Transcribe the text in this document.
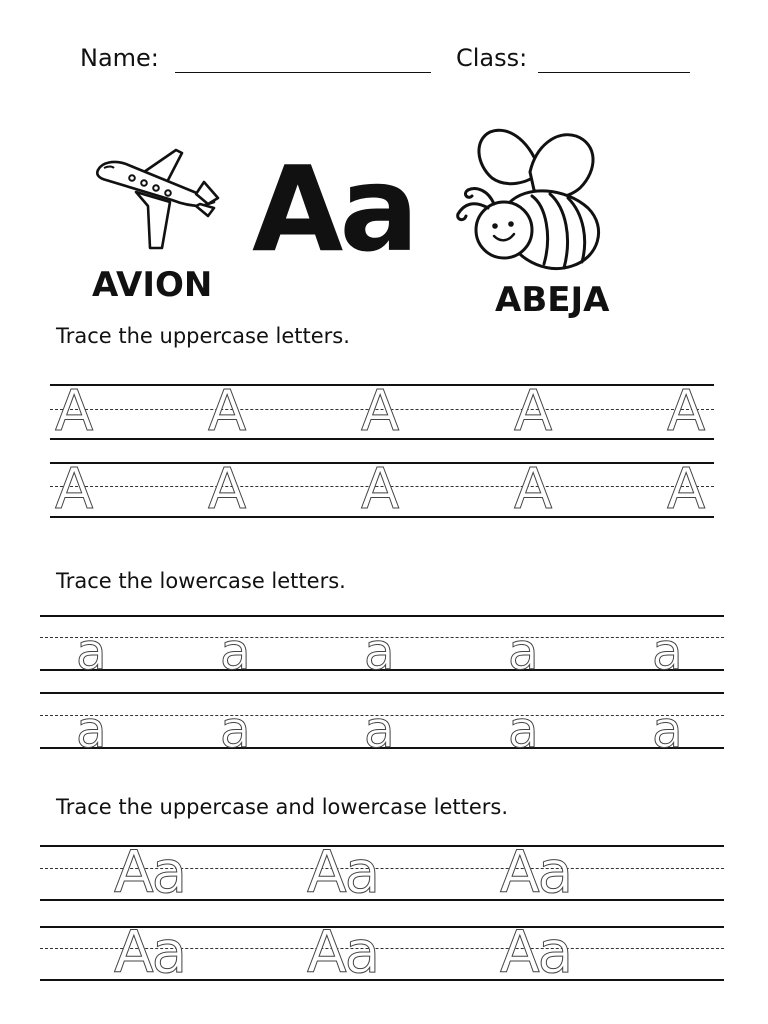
Name:	Class:
Aa
AVION	ABEJA
Trace the uppercase letters.
A A A A A
A A A A A
Trace the lowercase letters.
a a a a a
a a a a a
Trace the uppercase and lowercase letters.
Aa Aa Aa
Aa Aa Aa
